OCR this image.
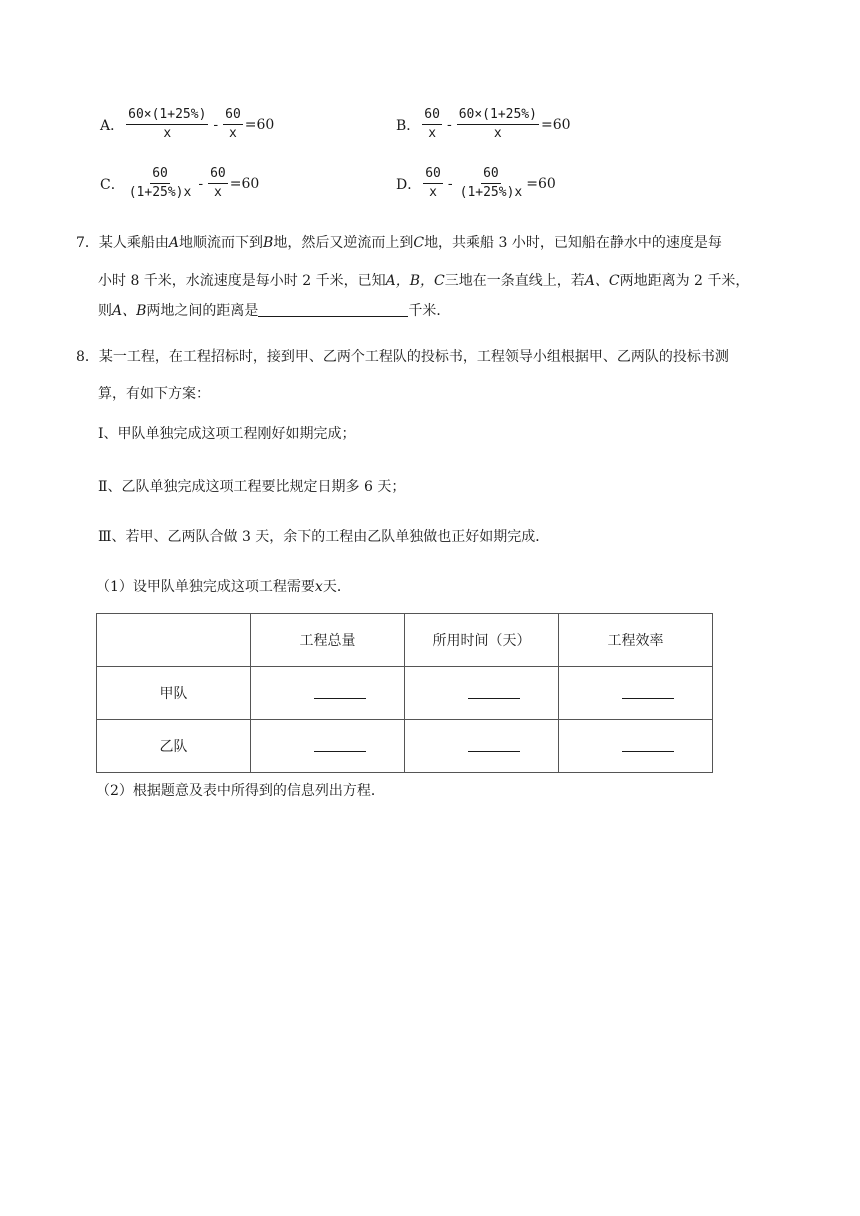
A． $\frac{60\times(1+25\%)}{x} - \frac{60}{x} =60$	B． $\frac{60}{x} - \frac{60\times(1+25\%)}{x} =60$
C． $\frac{60}{(1+25\%)x} - \frac{60}{x} =60$	D． $\frac{60}{x} - \frac{60}{(1+25\%)x} =60$
7．某人乘船由A地顺流而下到B地，然后又逆流而上到C地，共乘船 3 小时，已知船在静水中的速度是每
小时 8 千米，水流速度是每小时 2 千米，已知A，B，C三地在一条直线上，若A、C两地距离为 2 千米，
则A、B两地之间的距离是	千米．
8．某一工程，在工程招标时，接到甲、乙两个工程队的投标书，工程领导小组根据甲、乙两队的投标书测
算，有如下方案：
Ⅰ、甲队单独完成这项工程刚好如期完成；
Ⅱ、乙队单独完成这项工程要比规定日期多 6 天；
Ⅲ、若甲、乙两队合做 3 天，余下的工程由乙队单独做也正好如期完成．
（1）设甲队单独完成这项工程需要x天．
	工程总量	所用时间（天）	工程效率
甲队			
乙队			
（2）根据题意及表中所得到的信息列出方程．
